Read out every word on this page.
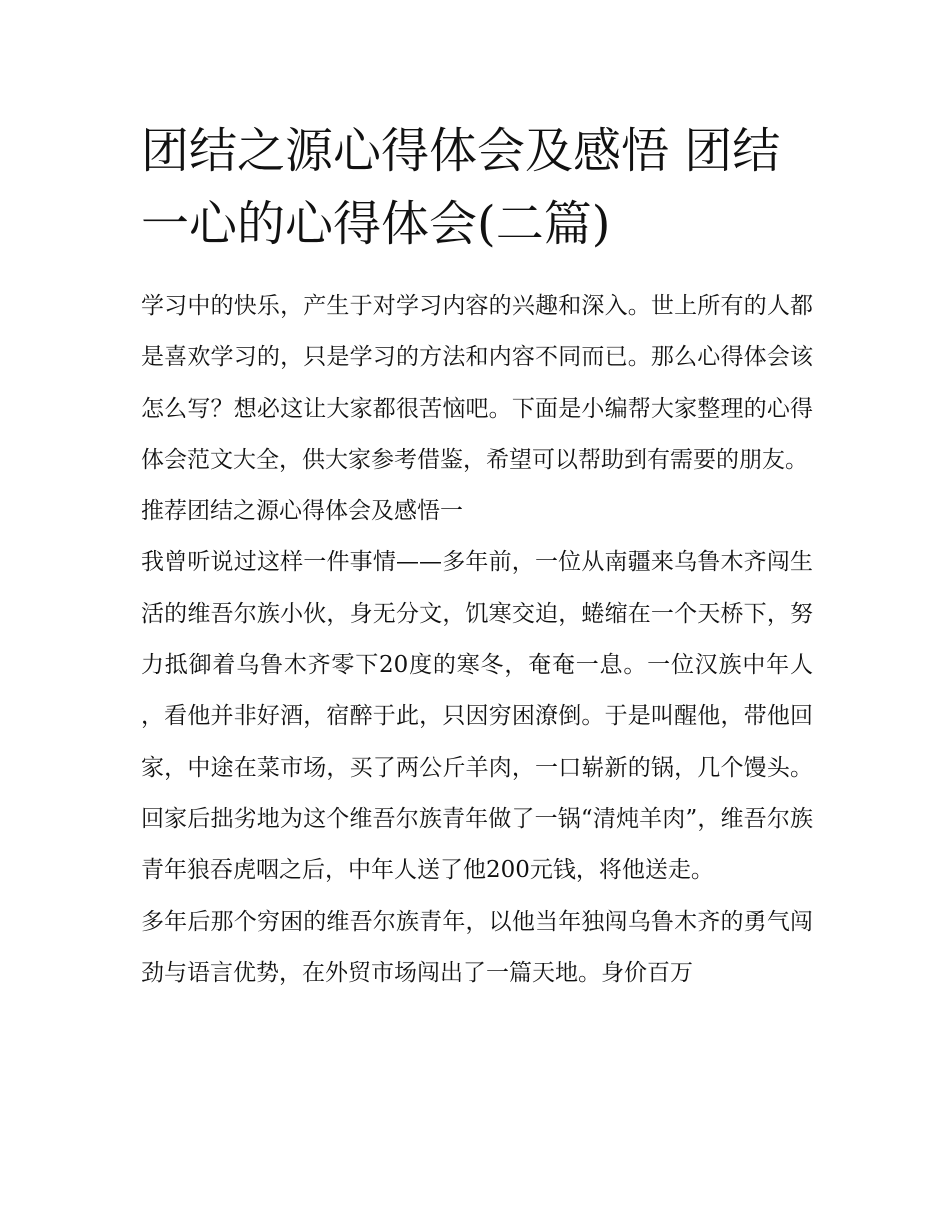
团结之源心得体会及感悟 团结一心的心得体会(二篇)

学习中的快乐，产生于对学习内容的兴趣和深入。世上所有的人都是喜欢学习的，只是学习的方法和内容不同而已。那么心得体会该怎么写？想必这让大家都很苦恼吧。下面是小编帮大家整理的心得体会范文大全，供大家参考借鉴，希望可以帮助到有需要的朋友。

推荐团结之源心得体会及感悟一

我曾听说过这样一件事情——多年前，一位从南疆来乌鲁木齐闯生活的维吾尔族小伙，身无分文，饥寒交迫，蜷缩在一个天桥下，努力抵御着乌鲁木齐零下20度的寒冬，奄奄一息。一位汉族中年人，看他并非好酒，宿醉于此，只因穷困潦倒。于是叫醒他，带他回家，中途在菜市场，买了两公斤羊肉，一口崭新的锅，几个馒头。回家后拙劣地为这个维吾尔族青年做了一锅“清炖羊肉”，维吾尔族青年狼吞虎咽之后，中年人送了他200元钱，将他送走。

多年后那个穷困的维吾尔族青年，以他当年独闯乌鲁木齐的勇气闯劲与语言优势，在外贸市场闯出了一篇天地。身价百万
